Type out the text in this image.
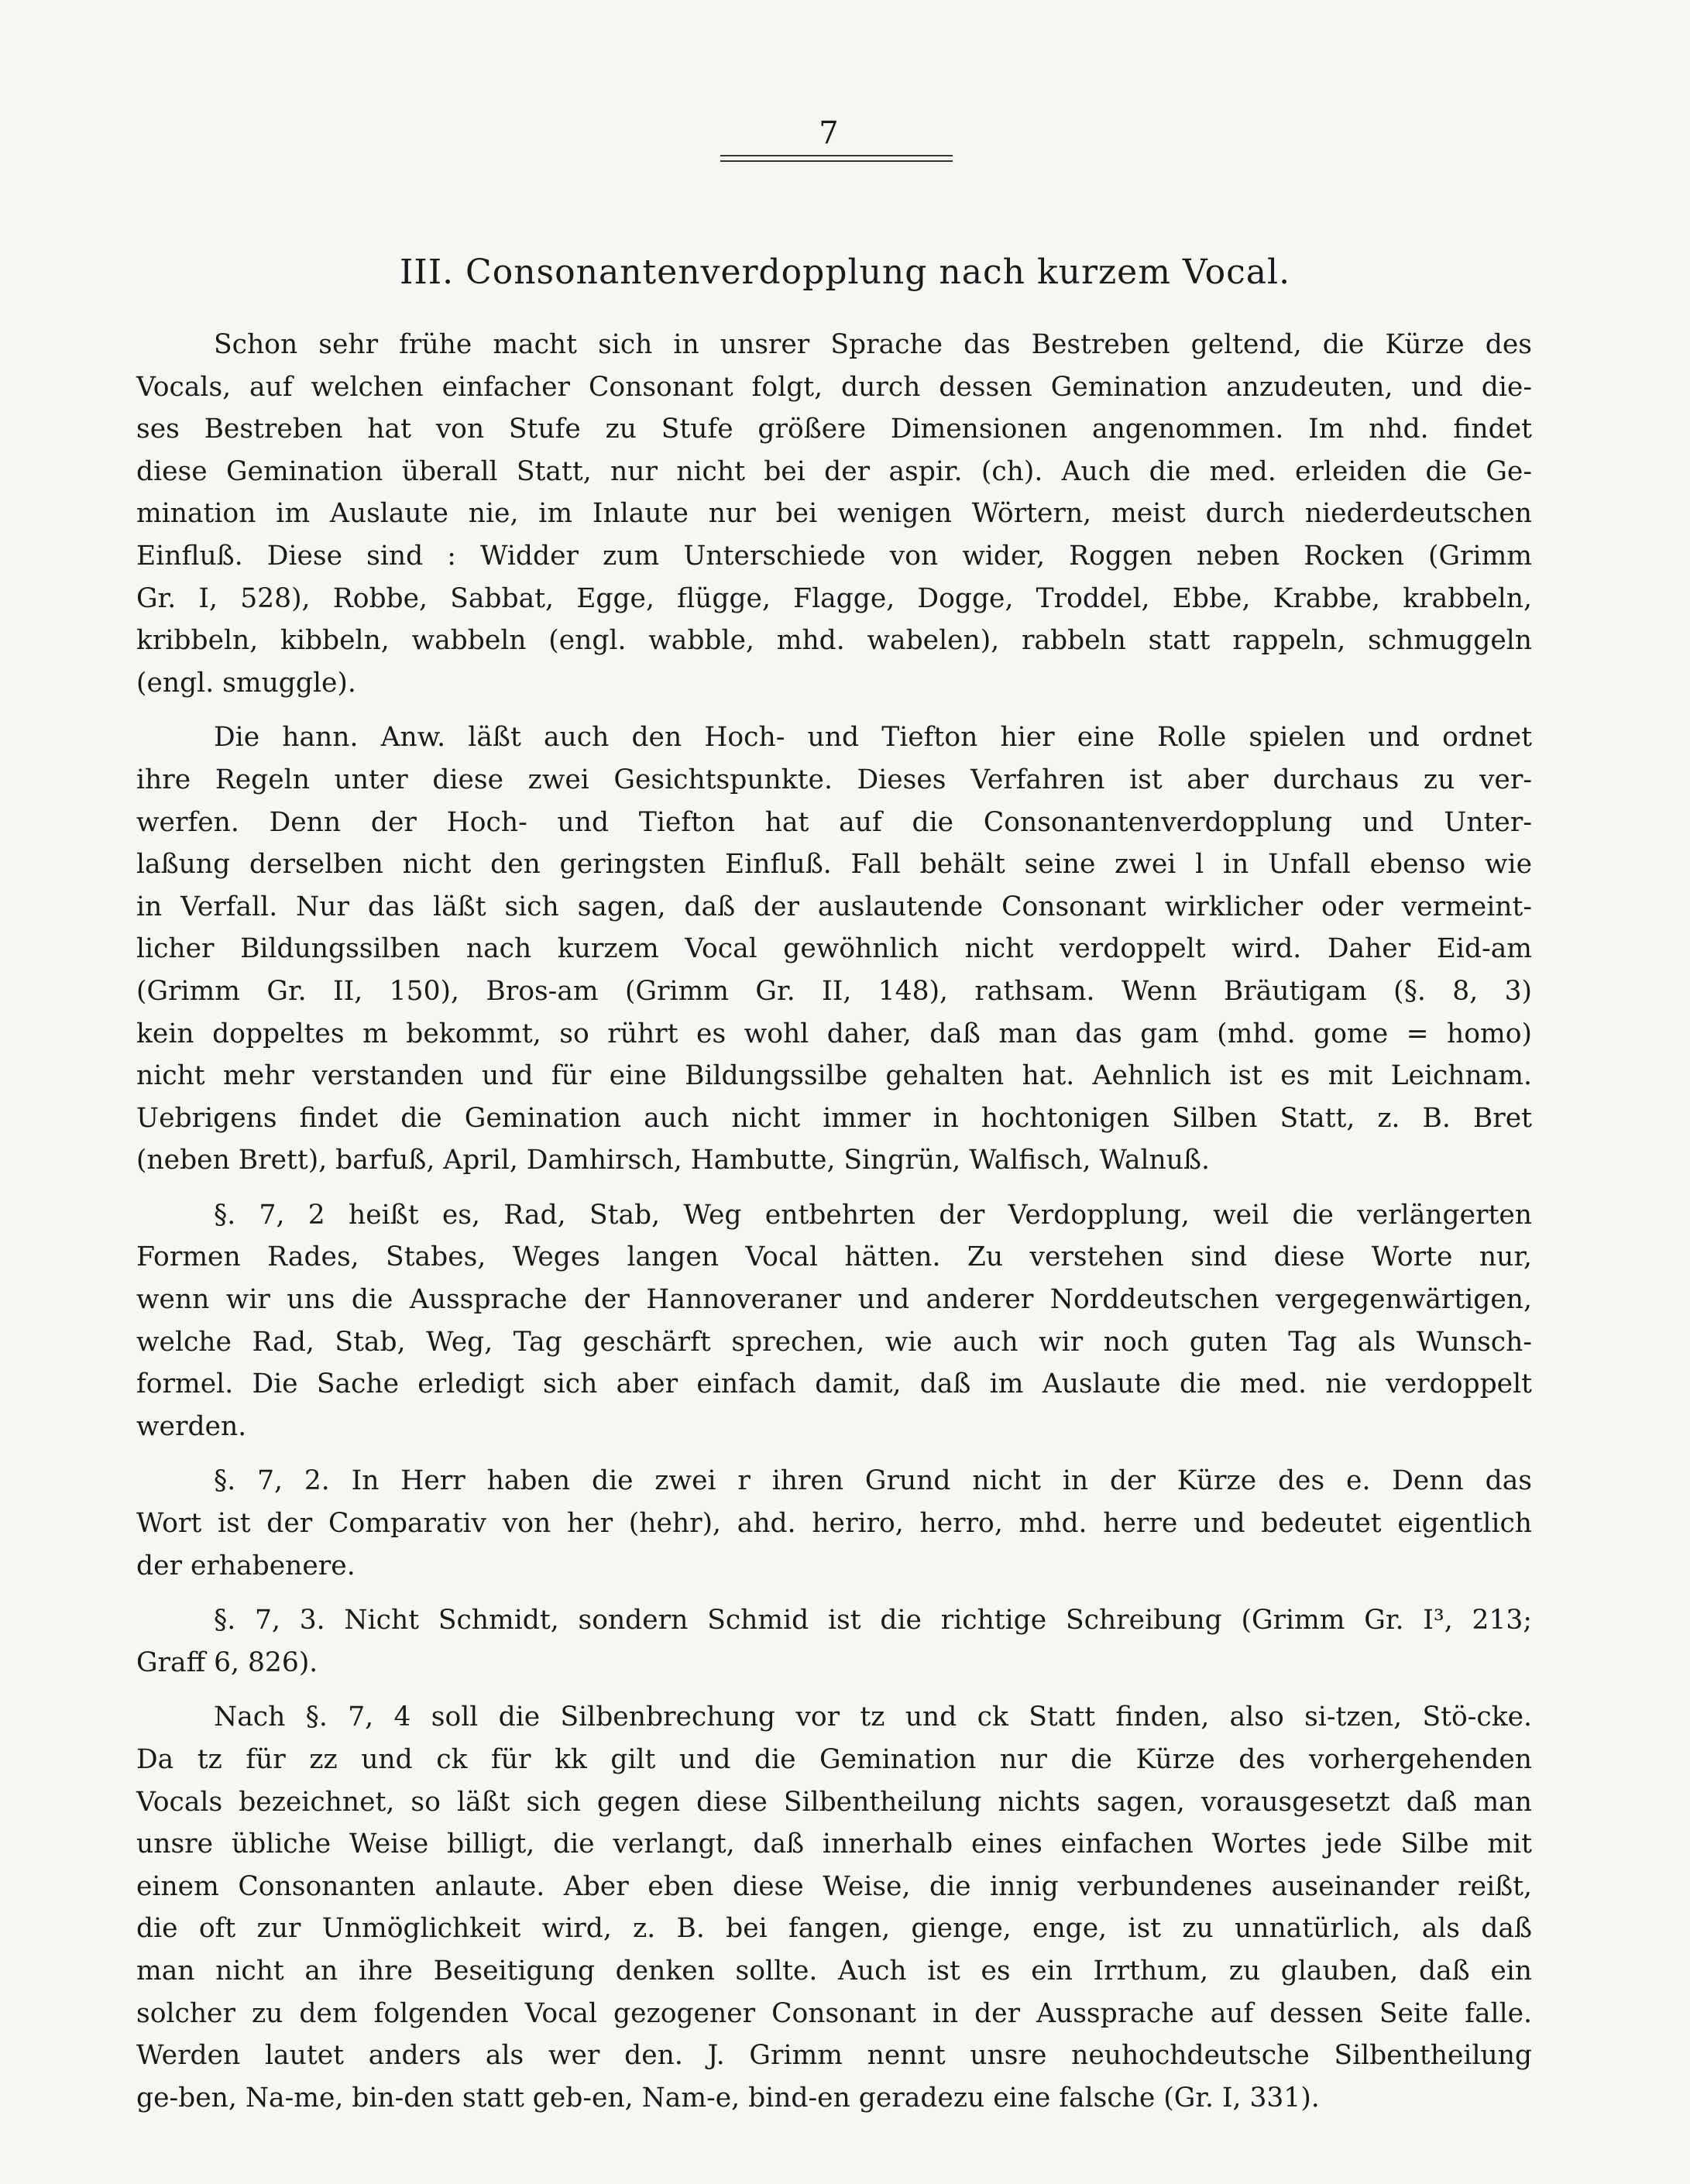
7
III. Consonantenverdopplung nach kurzem Vocal.
Schon sehr frühe macht sich in unsrer Sprache das Bestreben geltend, die Kürze des
Vocals, auf welchen einfacher Consonant folgt, durch dessen Gemination anzudeuten, und die-
ses Bestreben hat von Stufe zu Stufe größere Dimensionen angenommen. Im nhd. findet
diese Gemination überall Statt, nur nicht bei der aspir. (ch). Auch die med. erleiden die Ge-
mination im Auslaute nie, im Inlaute nur bei wenigen Wörtern, meist durch niederdeutschen
Einfluß. Diese sind : Widder zum Unterschiede von wider, Roggen neben Rocken (Grimm
Gr. I, 528), Robbe, Sabbat, Egge, flügge, Flagge, Dogge, Troddel, Ebbe, Krabbe, krabbeln,
kribbeln, kibbeln, wabbeln (engl. wabble, mhd. wabelen), rabbeln statt rappeln, schmuggeln
(engl. smuggle).
Die hann. Anw. läßt auch den Hoch- und Tiefton hier eine Rolle spielen und ordnet
ihre Regeln unter diese zwei Gesichtspunkte. Dieses Verfahren ist aber durchaus zu ver-
werfen. Denn der Hoch- und Tiefton hat auf die Consonantenverdopplung und Unter-
laßung derselben nicht den geringsten Einfluß. Fall behält seine zwei l in Unfall ebenso wie
in Verfall. Nur das läßt sich sagen, daß der auslautende Consonant wirklicher oder vermeint-
licher Bildungssilben nach kurzem Vocal gewöhnlich nicht verdoppelt wird. Daher Eid-am
(Grimm Gr. II, 150), Bros-am (Grimm Gr. II, 148), rathsam. Wenn Bräutigam (§. 8, 3)
kein doppeltes m bekommt, so rührt es wohl daher, daß man das gam (mhd. gome = homo)
nicht mehr verstanden und für eine Bildungssilbe gehalten hat. Aehnlich ist es mit Leichnam.
Uebrigens findet die Gemination auch nicht immer in hochtonigen Silben Statt, z. B. Bret
(neben Brett), barfuß, April, Damhirsch, Hambutte, Singrün, Walfisch, Walnuß.
§. 7, 2 heißt es, Rad, Stab, Weg entbehrten der Verdopplung, weil die verlängerten
Formen Rades, Stabes, Weges langen Vocal hätten. Zu verstehen sind diese Worte nur,
wenn wir uns die Aussprache der Hannoveraner und anderer Norddeutschen vergegenwärtigen,
welche Rad, Stab, Weg, Tag geschärft sprechen, wie auch wir noch guten Tag als Wunsch-
formel. Die Sache erledigt sich aber einfach damit, daß im Auslaute die med. nie verdoppelt
werden.
§. 7, 2. In Herr haben die zwei r ihren Grund nicht in der Kürze des e. Denn das
Wort ist der Comparativ von her (hehr), ahd. heriro, herro, mhd. herre und bedeutet eigentlich
der erhabenere.
§. 7, 3. Nicht Schmidt, sondern Schmid ist die richtige Schreibung (Grimm Gr. I³, 213;
Graff 6, 826).
Nach §. 7, 4 soll die Silbenbrechung vor tz und ck Statt finden, also si-tzen, Stö-cke.
Da tz für zz und ck für kk gilt und die Gemination nur die Kürze des vorhergehenden
Vocals bezeichnet, so läßt sich gegen diese Silbentheilung nichts sagen, vorausgesetzt daß man
unsre übliche Weise billigt, die verlangt, daß innerhalb eines einfachen Wortes jede Silbe mit
einem Consonanten anlaute. Aber eben diese Weise, die innig verbundenes auseinander reißt,
die oft zur Unmöglichkeit wird, z. B. bei fangen, gienge, enge, ist zu unnatürlich, als daß
man nicht an ihre Beseitigung denken sollte. Auch ist es ein Irrthum, zu glauben, daß ein
solcher zu dem folgenden Vocal gezogener Consonant in der Aussprache auf dessen Seite falle.
Werden lautet anders als wer den. J. Grimm nennt unsre neuhochdeutsche Silbentheilung
ge-ben, Na-me, bin-den statt geb-en, Nam-e, bind-en geradezu eine falsche (Gr. I, 331).
